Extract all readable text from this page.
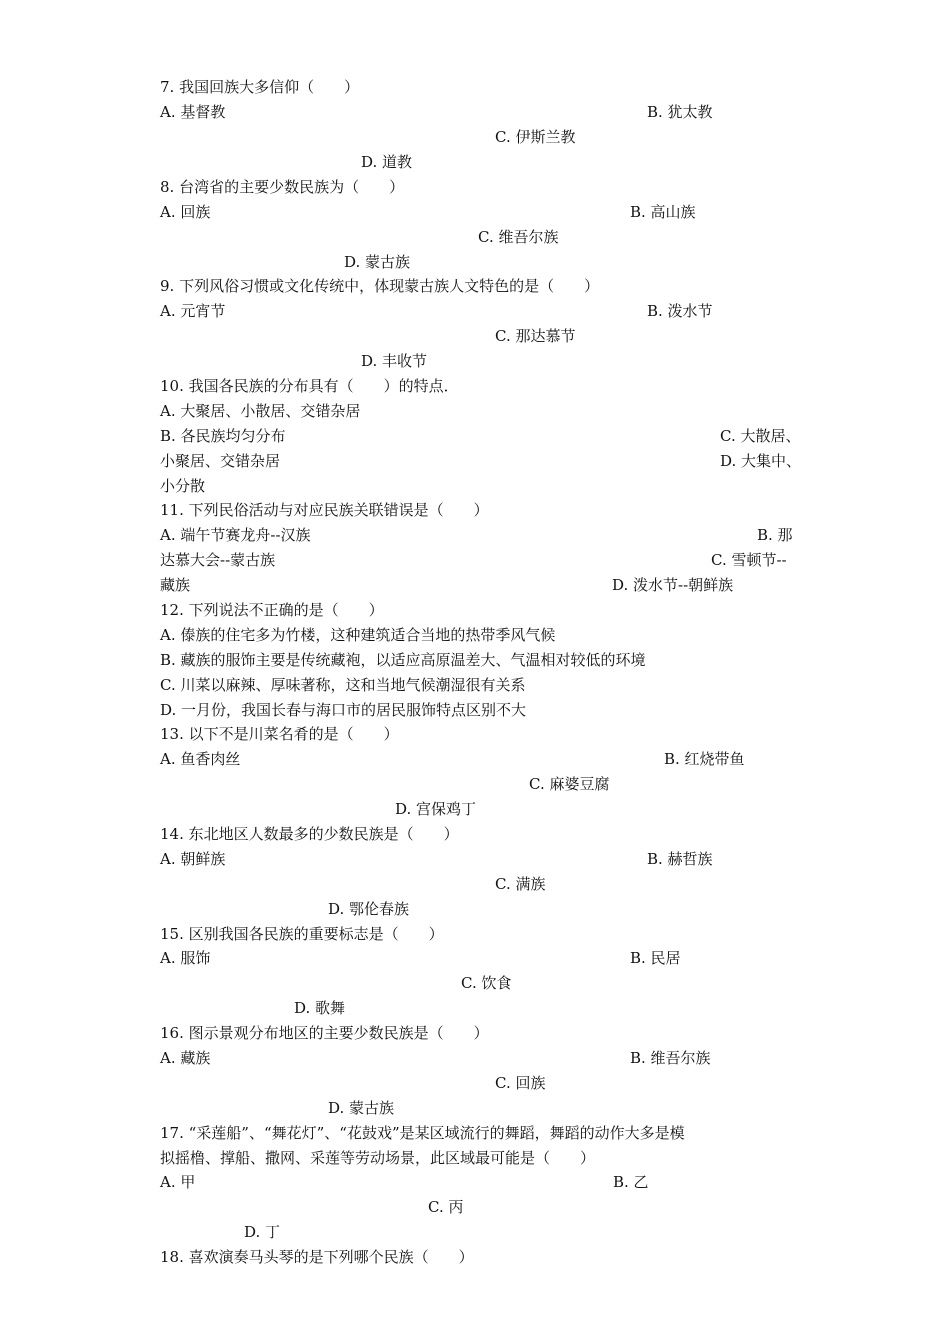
7. 我国回族大多信仰（　　）
A. 基督教	B. 犹太教
C. 伊斯兰教
D. 道教
8. 台湾省的主要少数民族为（　　）
A. 回族	B. 高山族
C. 维吾尔族
D. 蒙古族
9. 下列风俗习惯或文化传统中，体现蒙古族人文特色的是（　　）
A. 元宵节	B. 泼水节
C. 那达慕节
D. 丰收节
10. 我国各民族的分布具有（　　）的特点．
A. 大聚居、小散居、交错杂居
B. 各民族均匀分布	C. 大散居、
小聚居、交错杂居	D. 大集中、
小分散
11. 下列民俗活动与对应民族关联错误是（　　）
A. 端午节赛龙舟--汉族	B. 那
达慕大会--蒙古族	C. 雪顿节--
藏族	D. 泼水节--朝鲜族
12. 下列说法不正确的是（　　）
A. 傣族的住宅多为竹楼，这种建筑适合当地的热带季风气候
B. 藏族的服饰主要是传统藏袍，以适应高原温差大、气温相对较低的环境
C. 川菜以麻辣、厚味著称，这和当地气候潮湿很有关系
D. 一月份，我国长春与海口市的居民服饰特点区别不大
13. 以下不是川菜名肴的是（　　）
A. 鱼香肉丝	B. 红烧带鱼
C. 麻婆豆腐
D. 宫保鸡丁
14. 东北地区人数最多的少数民族是（　　）
A. 朝鲜族	B. 赫哲族
C. 满族
D. 鄂伦春族
15. 区别我国各民族的重要标志是（　　）
A. 服饰	B. 民居
C. 饮食
D. 歌舞
16. 图示景观分布地区的主要少数民族是（　　）
A. 藏族	B. 维吾尔族
C. 回族
D. 蒙古族
17. “采莲船”、“舞花灯”、“花鼓戏”是某区域流行的舞蹈，舞蹈的动作大多是模
拟摇橹、撑船、撒网、采莲等劳动场景，此区域最可能是（　　）
A. 甲	B. 乙
C. 丙
D. 丁
18. 喜欢演奏马头琴的是下列哪个民族（　　）
